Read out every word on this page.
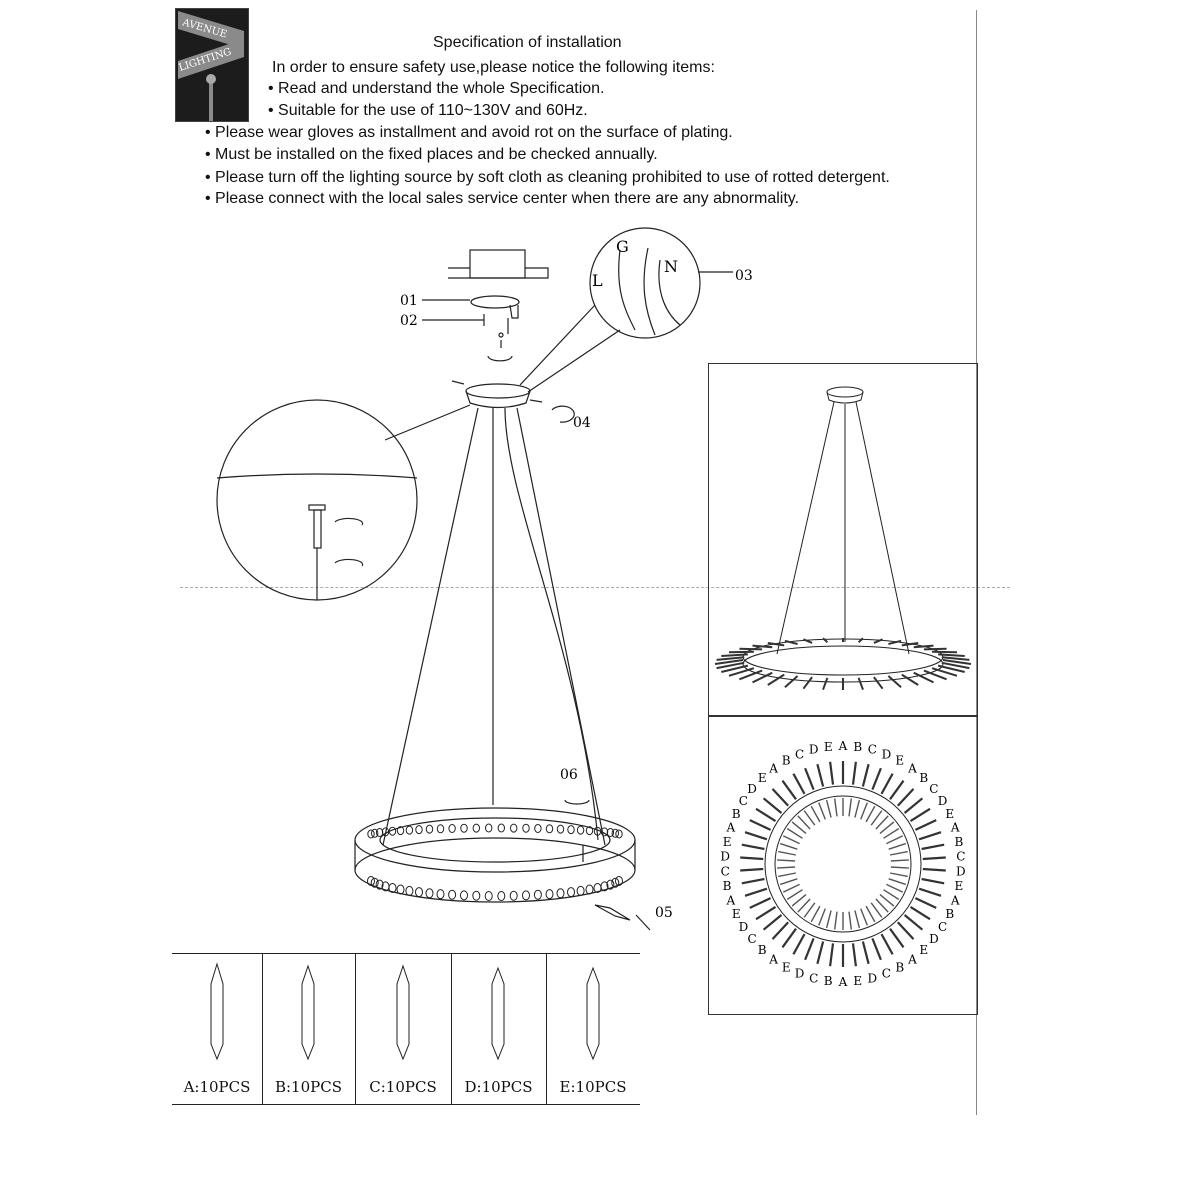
AVENUE
LIGHTING
Specification of installation
In order to ensure safety use,please notice the following items:
• Read and understand the whole Specification.
• Suitable for the use of 110~130V and 60Hz.
• Please wear gloves as installment and avoid rot on the surface of plating.
• Must be installed on the fixed places and be checked annually.
• Please turn off the lighting source by soft cloth as cleaning prohibited to use of rotted detergent.
• Please connect with the local sales service center when there are any abnormality.
01
02
03
04
05
06
G
N
L
A B C D E
A
B
C
D
E
A
B
C
D
E
A
B
C
D
E
A
B
C
D
E
A
B
C
D
E
A
B
C
D
E
A
B
C
D
E
A
B
C
D
E
A
B C D E
A:10PCS	B:10PCS	C:10PCS	D:10PCS	E:10PCS
